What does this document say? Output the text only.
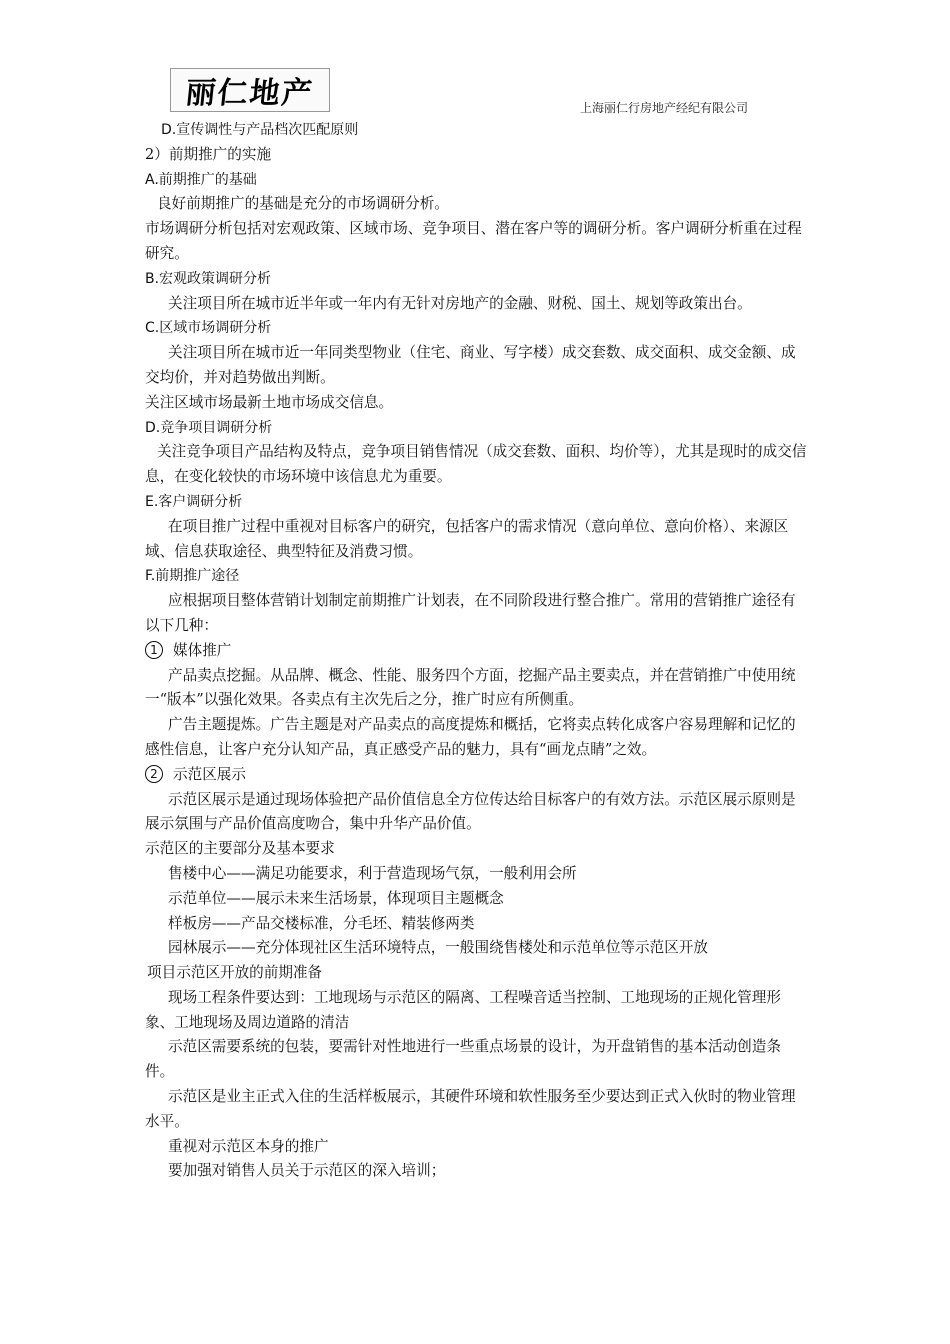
丽仁地产	上海丽仁行房地产经纪有限公司

D.宣传调性与产品档次匹配原则

2）前期推广的实施

A.前期推广的基础

良好前期推广的基础是充分的市场调研分析。

市场调研分析包括对宏观政策、区域市场、竞争项目、潜在客户等的调研分析。客户调研分析重在过程研究。

B.宏观政策调研分析

关注项目所在城市近半年或一年内有无针对房地产的金融、财税、国土、规划等政策出台。

C.区域市场调研分析

关注项目所在城市近一年同类型物业（住宅、商业、写字楼）成交套数、成交面积、成交金额、成交均价，并对趋势做出判断。

关注区域市场最新土地市场成交信息。

D.竞争项目调研分析

关注竞争项目产品结构及特点，竞争项目销售情况（成交套数、面积、均价等），尤其是现时的成交信息，在变化较快的市场环境中该信息尤为重要。

E.客户调研分析

在项目推广过程中重视对目标客户的研究，包括客户的需求情况（意向单位、意向价格）、来源区域、信息获取途径、典型特征及消费习惯。

F.前期推广途径

应根据项目整体营销计划制定前期推广计划表，在不同阶段进行整合推广。常用的营销推广途径有以下几种：

1 媒体推广

产品卖点挖掘。从品牌、概念、性能、服务四个方面，挖掘产品主要卖点，并在营销推广中使用统一“版本”以强化效果。各卖点有主次先后之分，推广时应有所侧重。

广告主题提炼。广告主题是对产品卖点的高度提炼和概括，它将卖点转化成客户容易理解和记忆的感性信息，让客户充分认知产品，真正感受产品的魅力，具有“画龙点睛”之效。

2 示范区展示

示范区展示是通过现场体验把产品价值信息全方位传达给目标客户的有效方法。示范区展示原则是展示氛围与产品价值高度吻合，集中升华产品价值。

示范区的主要部分及基本要求

售楼中心——满足功能要求，利于营造现场气氛，一般利用会所

示范单位——展示未来生活场景，体现项目主题概念

样板房——产品交楼标准，分毛坯、精装修两类

园林展示——充分体现社区生活环境特点，一般围绕售楼处和示范单位等示范区开放

项目示范区开放的前期准备

现场工程条件要达到：工地现场与示范区的隔离、工程噪音适当控制、工地现场的正规化管理形象、工地现场及周边道路的清洁

示范区需要系统的包装，要需针对性地进行一些重点场景的设计，为开盘销售的基本活动创造条件。

示范区是业主正式入住的生活样板展示，其硬件环境和软性服务至少要达到正式入伙时的物业管理水平。

重视对示范区本身的推广

要加强对销售人员关于示范区的深入培训；
